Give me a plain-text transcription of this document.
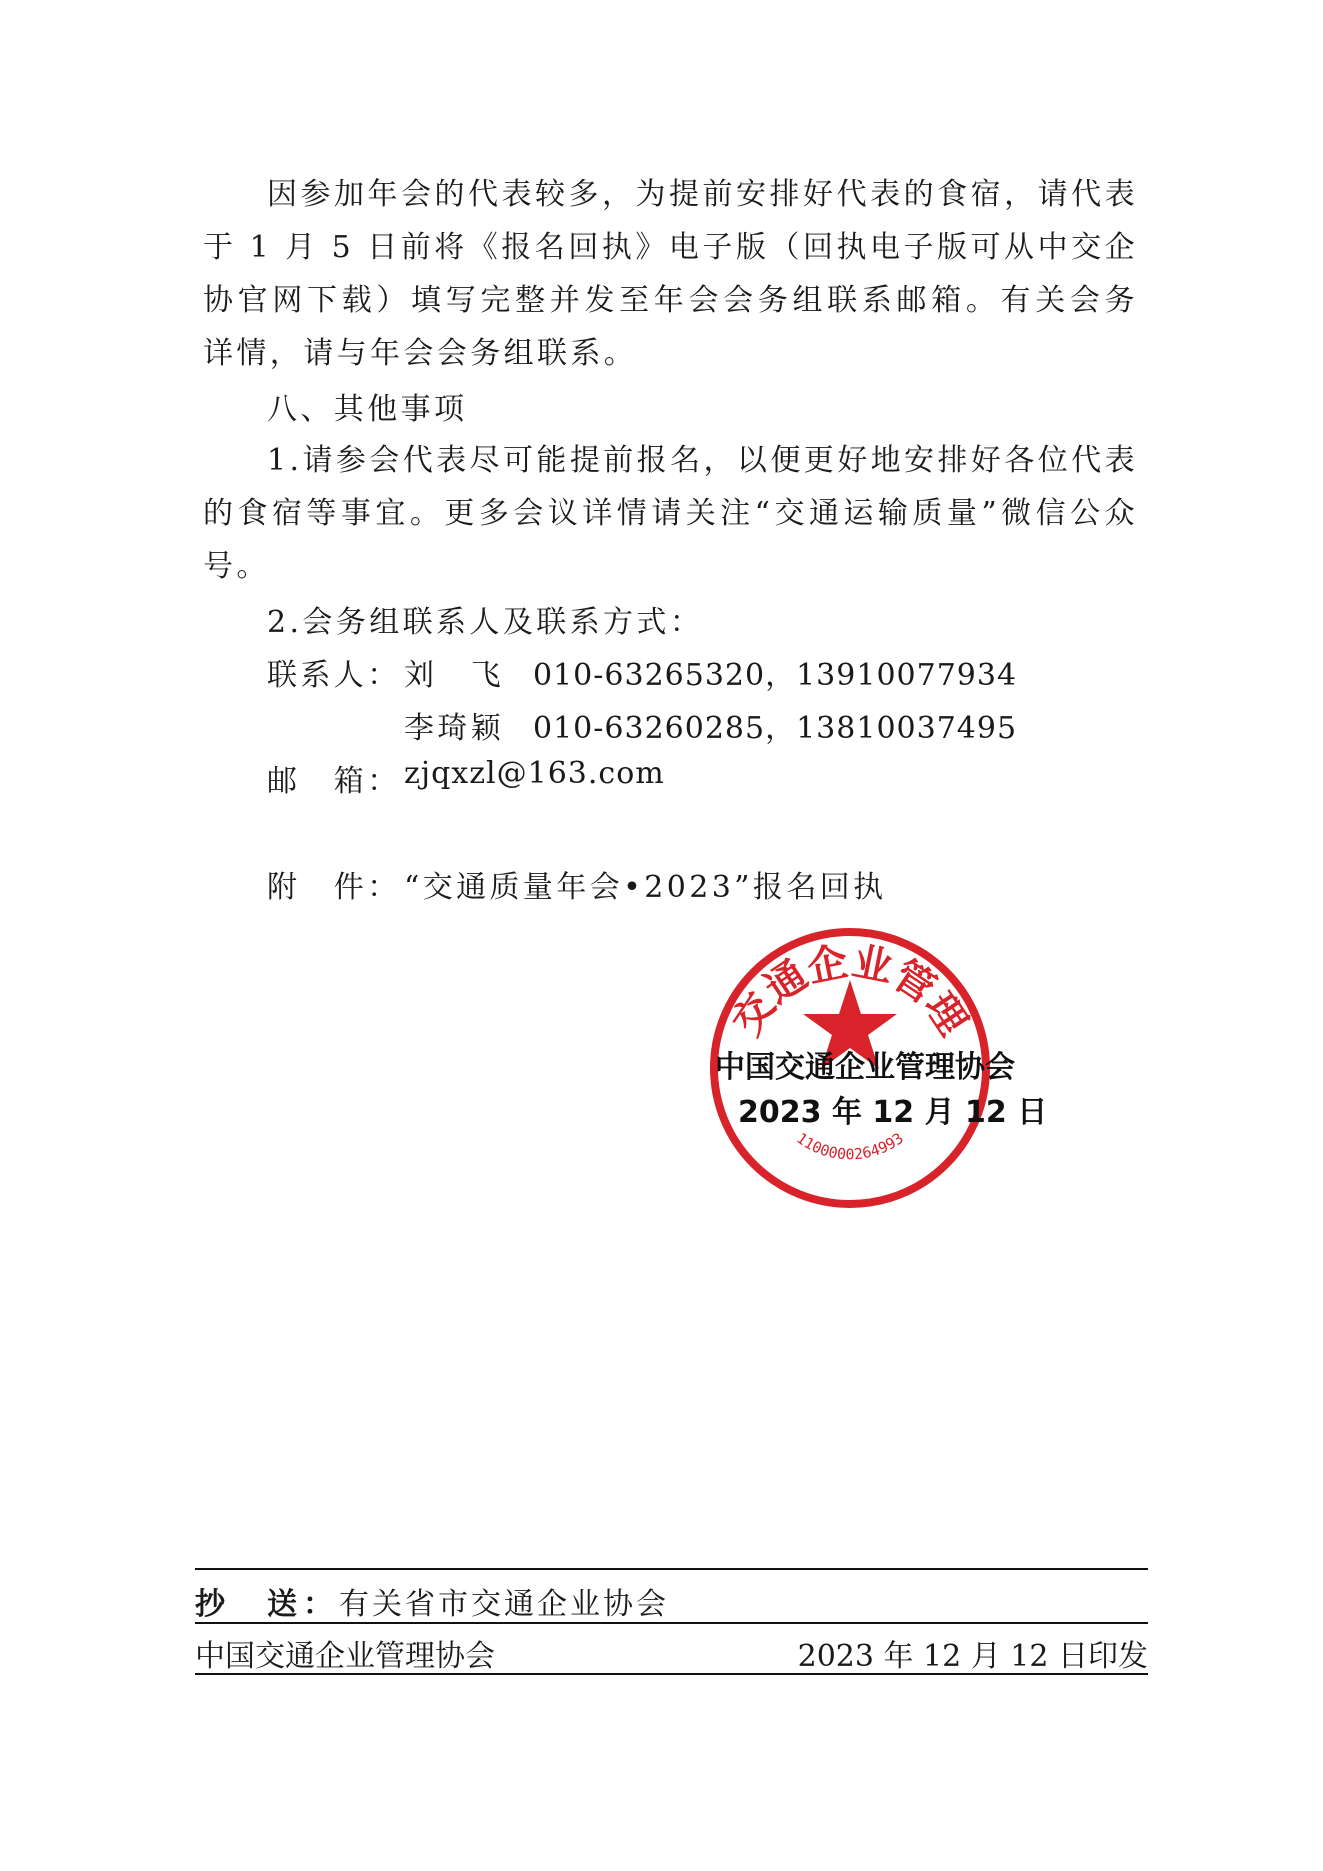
因参加年会的代表较多，为提前安排好代表的食宿，请代表于 1 月 5 日前将《报名回执》电子版（回执电子版可从中交企协官网下载）填写完整并发至年会会务组联系邮箱。有关会务详情，请与年会会务组联系。

八、其他事项

1.请参会代表尽可能提前报名，以便更好地安排好各位代表的食宿等事宜。更多会议详情请关注“交通运输质量”微信公众号。

2.会务组联系人及联系方式：

联系人： 刘　飞 010-63265320，13910077934

李琦颖 010-63260285，13810037495

邮　箱： zjqxzl@163.com

附　件： “交通质量年会•2023”报名回执

交通企业管理
1100000264993
中国交通企业管理协会
2023 年 12 月 12 日
抄　送：有关省市交通企业协会
中国交通企业管理协会	2023 年 12 月 12 日印发
